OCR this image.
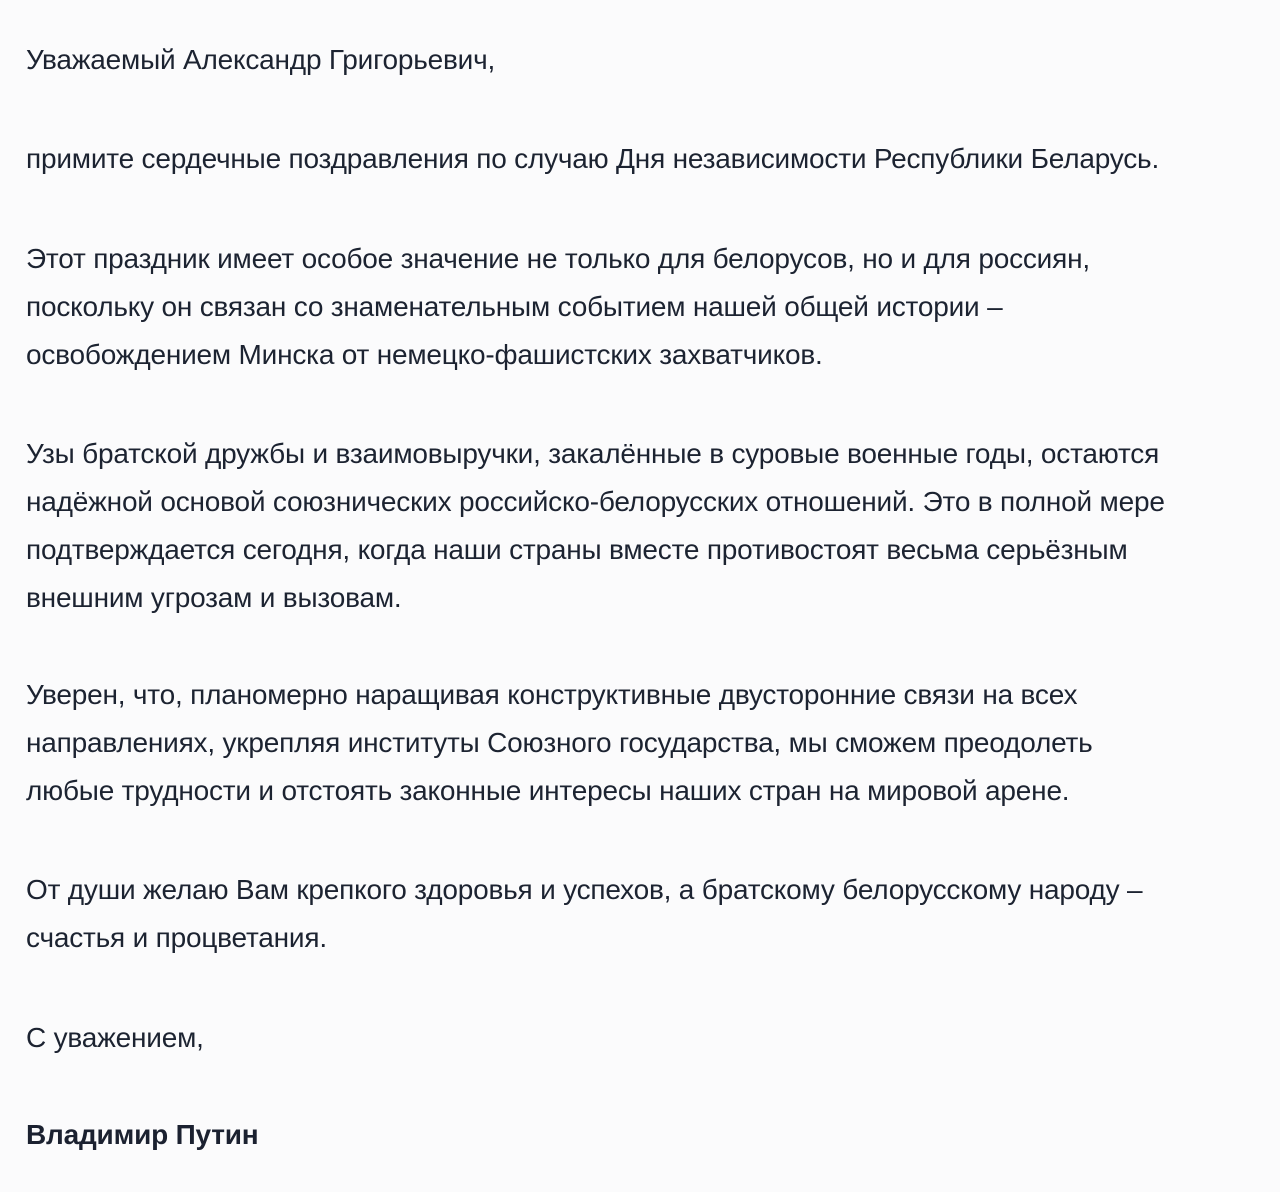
Уважаемый Александр Григорьевич,

примите сердечные поздравления по случаю Дня независимости Республики Беларусь.

Этот праздник имеет особое значение не только для белорусов, но и для россиян,
поскольку он связан со знаменательным событием нашей общей истории –
освобождением Минска от немецко-фашистских захватчиков.

Узы братской дружбы и взаимовыручки, закалённые в суровые военные годы, остаются
надёжной основой союзнических российско-белорусских отношений. Это в полной мере
подтверждается сегодня, когда наши страны вместе противостоят весьма серьёзным
внешним угрозам и вызовам.

Уверен, что, планомерно наращивая конструктивные двусторонние связи на всех
направлениях, укрепляя институты Союзного государства, мы сможем преодолеть
любые трудности и отстоять законные интересы наших стран на мировой арене.

От души желаю Вам крепкого здоровья и успехов, а братскому белорусскому народу –
счастья и процветания.

С уважением,

Владимир Путин
